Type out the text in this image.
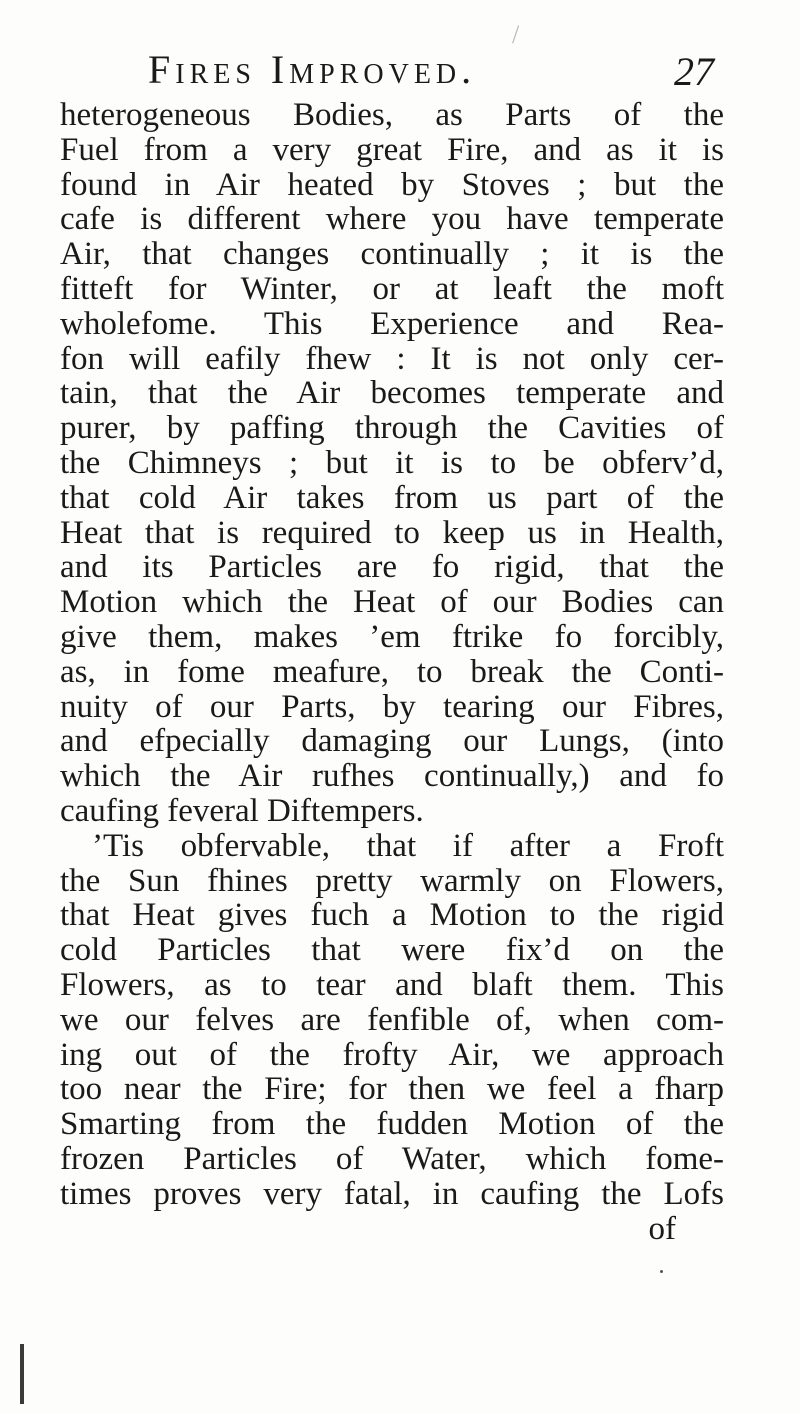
/
Fires Improved.	27
heterogeneous Bodies, as Parts of the
Fuel from a very great Fire, and as it is
found in Air heated by Stoves ; but the
cafe is different where you have temperate
Air, that changes continually ; it is the
fitteft for Winter, or at leaft the moft
wholefome. This Experience and Rea-
fon will eafily fhew : It is not only cer-
tain, that the Air becomes temperate and
purer, by paffing through the Cavities of
the Chimneys ; but it is to be obferv’d,
that cold Air takes from us part of the
Heat that is required to keep us in Health,
and its Particles are fo rigid, that the
Motion which the Heat of our Bodies can
give them, makes ’em ftrike fo forcibly,
as, in fome meafure, to break the Conti-
nuity of our Parts, by tearing our Fibres,
and efpecially damaging our Lungs, (into
which the Air rufhes continually,) and fo
caufing feveral Diftempers.
’Tis obfervable, that if after a Froft
the Sun fhines pretty warmly on Flowers,
that Heat gives fuch a Motion to the rigid
cold Particles that were fix’d on the
Flowers, as to tear and blaft them. This
we our felves are fenfible of, when com-
ing out of the frofty Air, we approach
too near the Fire; for then we feel a fharp
Smarting from the fudden Motion of the
frozen Particles of Water, which fome-
times proves very fatal, in caufing the Lofs
of
